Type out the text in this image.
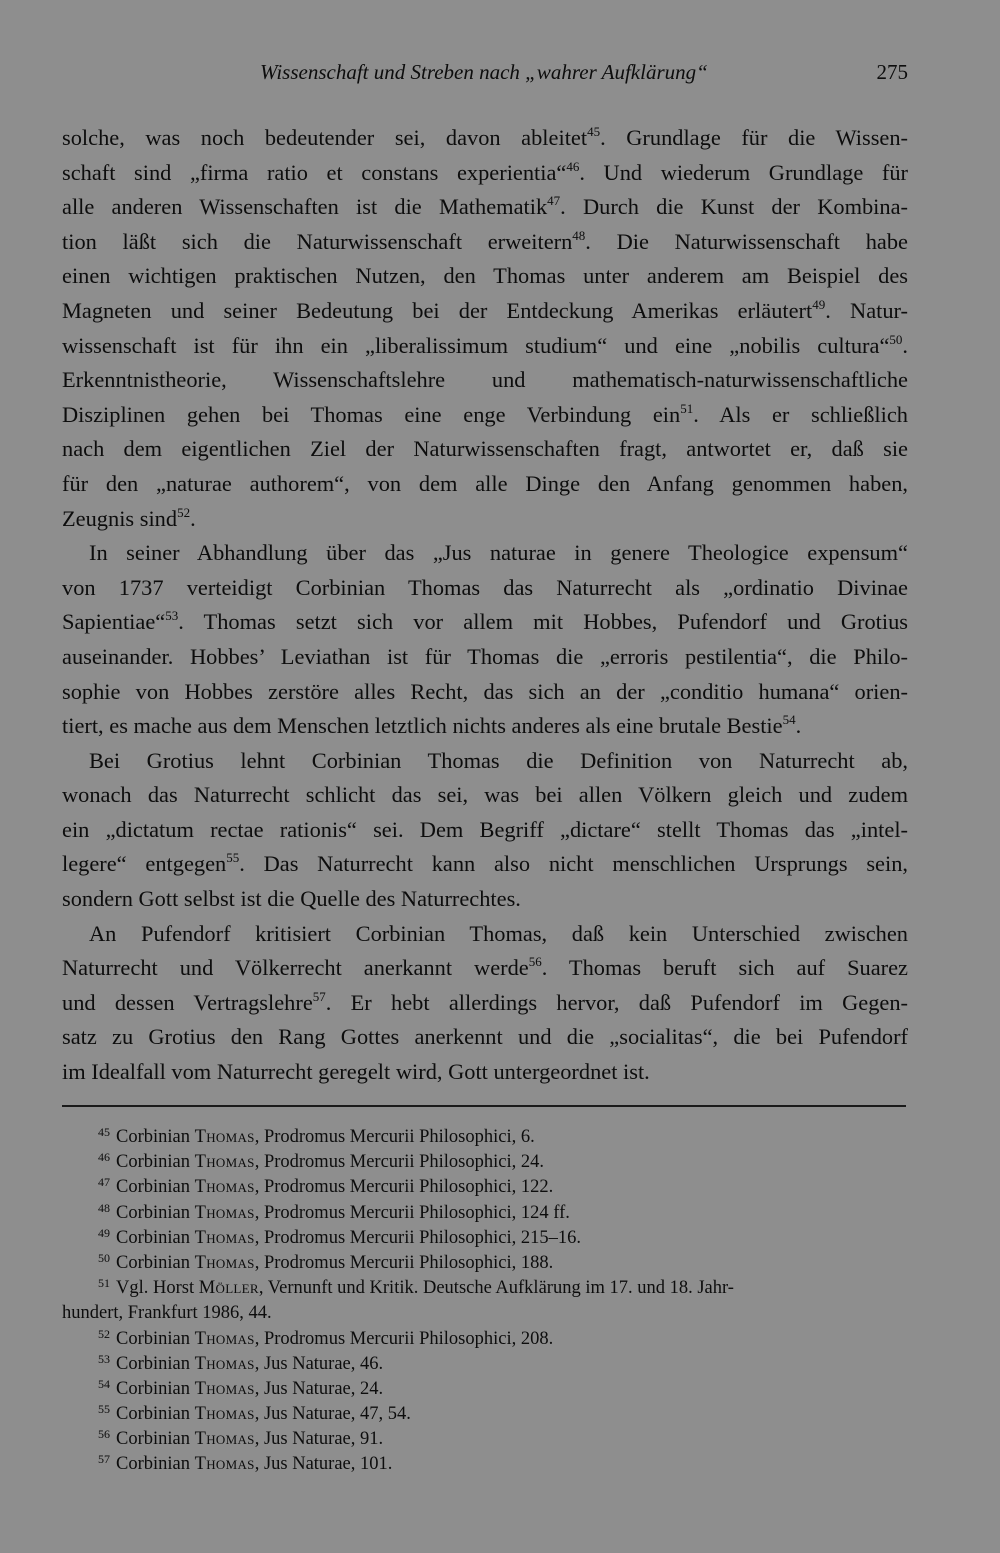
Wissenschaft und Streben nach „wahrer Aufklärung“	275
solche, was noch bedeutender sei, davon ableitet$^{45}$. Grundlage für die Wissen-
schaft sind „firma ratio et constans experientia“$^{46}$. Und wiederum Grundlage für
alle anderen Wissenschaften ist die Mathematik$^{47}$. Durch die Kunst der Kombina-
tion läßt sich die Naturwissenschaft erweitern$^{48}$. Die Naturwissenschaft habe
einen wichtigen praktischen Nutzen, den Thomas unter anderem am Beispiel des
Magneten und seiner Bedeutung bei der Entdeckung Amerikas erläutert$^{49}$. Natur-
wissenschaft ist für ihn ein „liberalissimum studium“ und eine „nobilis cultura“$^{50}$.
Erkenntnistheorie, Wissenschaftslehre und mathematisch-naturwissenschaftliche
Disziplinen gehen bei Thomas eine enge Verbindung ein$^{51}$. Als er schließlich
nach dem eigentlichen Ziel der Naturwissenschaften fragt, antwortet er, daß sie
für den „naturae authorem“, von dem alle Dinge den Anfang genommen haben,
Zeugnis sind$^{52}$.
In seiner Abhandlung über das „Jus naturae in genere Theologice expensum“
von 1737 verteidigt Corbinian Thomas das Naturrecht als „ordinatio Divinae
Sapientiae“$^{53}$. Thomas setzt sich vor allem mit Hobbes, Pufendorf und Grotius
auseinander. Hobbes’ Leviathan ist für Thomas die „erroris pestilentia“, die Philo-
sophie von Hobbes zerstöre alles Recht, das sich an der „conditio humana“ orien-
tiert, es mache aus dem Menschen letztlich nichts anderes als eine brutale Bestie$^{54}$.
Bei Grotius lehnt Corbinian Thomas die Definition von Naturrecht ab,
wonach das Naturrecht schlicht das sei, was bei allen Völkern gleich und zudem
ein „dictatum rectae rationis“ sei. Dem Begriff „dictare“ stellt Thomas das „intel-
legere“ entgegen$^{55}$. Das Naturrecht kann also nicht menschlichen Ursprungs sein,
sondern Gott selbst ist die Quelle des Naturrechtes.
An Pufendorf kritisiert Corbinian Thomas, daß kein Unterschied zwischen
Naturrecht und Völkerrecht anerkannt werde$^{56}$. Thomas beruft sich auf Suarez
und dessen Vertragslehre$^{57}$. Er hebt allerdings hervor, daß Pufendorf im Gegen-
satz zu Grotius den Rang Gottes anerkennt und die „socialitas“, die bei Pufendorf
im Idealfall vom Naturrecht geregelt wird, Gott untergeordnet ist.
45 Corbinian Thomas, Prodromus Mercurii Philosophici, 6.
46 Corbinian Thomas, Prodromus Mercurii Philosophici, 24.
47 Corbinian Thomas, Prodromus Mercurii Philosophici, 122.
48 Corbinian Thomas, Prodromus Mercurii Philosophici, 124 ff.
49 Corbinian Thomas, Prodromus Mercurii Philosophici, 215–16.
50 Corbinian Thomas, Prodromus Mercurii Philosophici, 188.
51 Vgl. Horst Möller, Vernunft und Kritik. Deutsche Aufklärung im 17. und 18. Jahr-
hundert, Frankfurt 1986, 44.
52 Corbinian Thomas, Prodromus Mercurii Philosophici, 208.
53 Corbinian Thomas, Jus Naturae, 46.
54 Corbinian Thomas, Jus Naturae, 24.
55 Corbinian Thomas, Jus Naturae, 47, 54.
56 Corbinian Thomas, Jus Naturae, 91.
57 Corbinian Thomas, Jus Naturae, 101.
